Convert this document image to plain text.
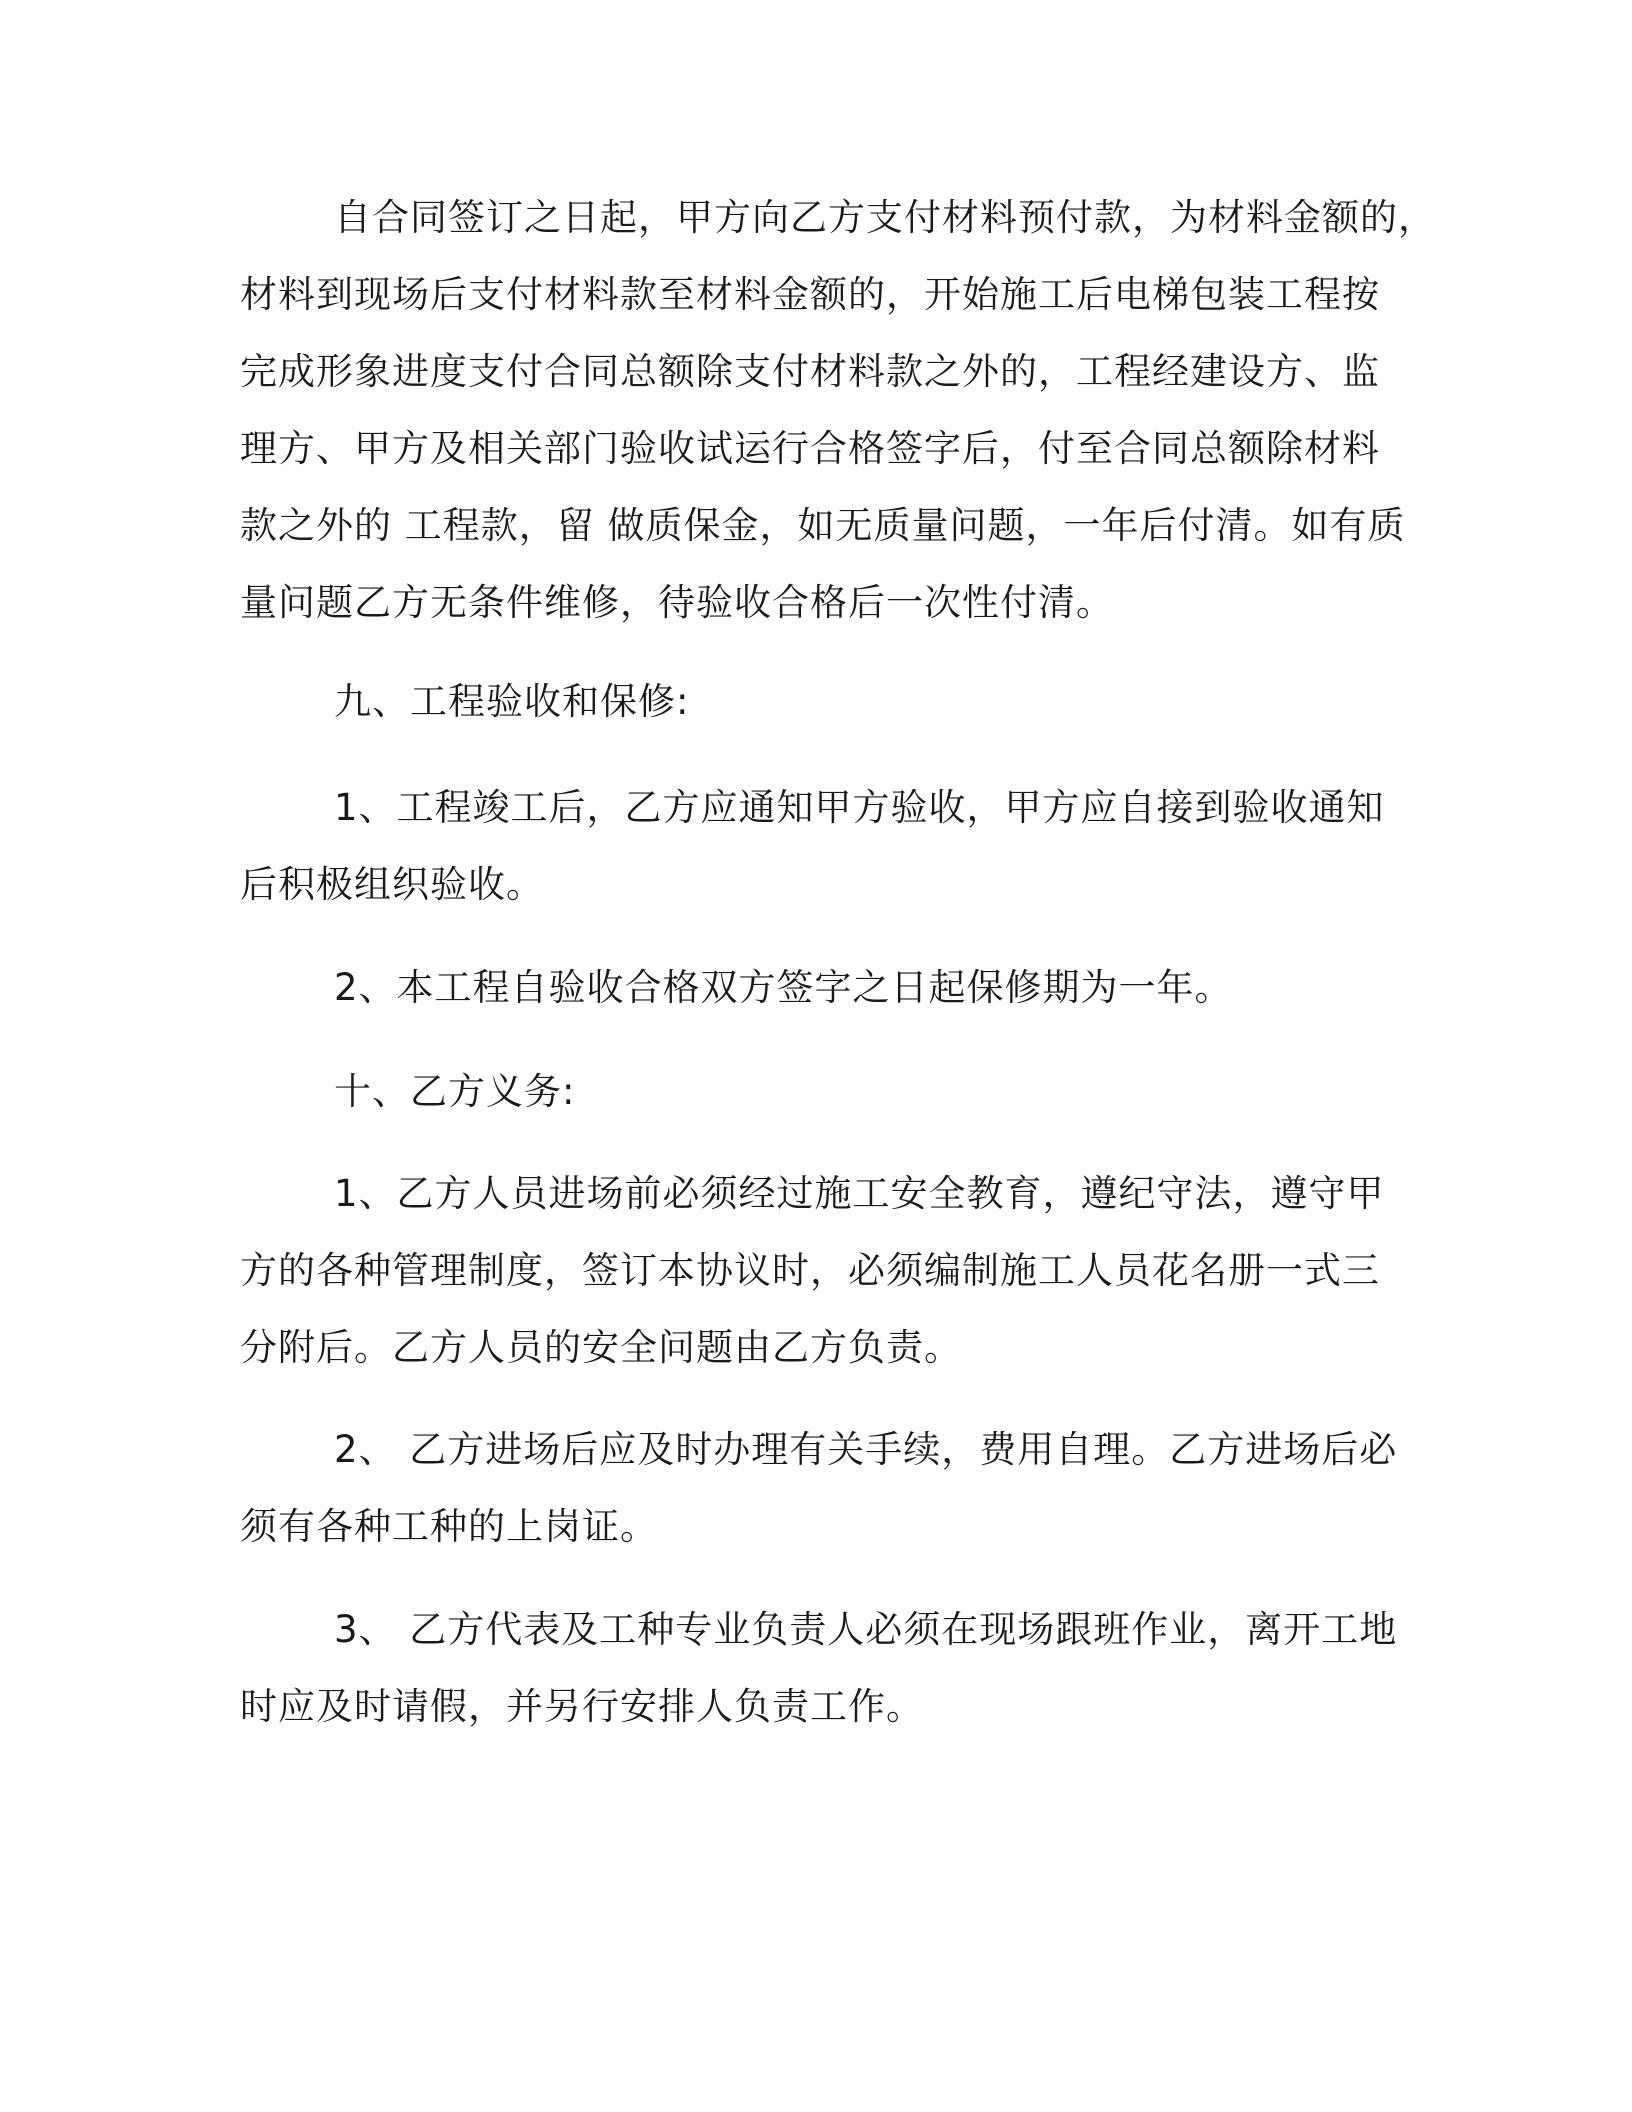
自合同签订之日起，甲方向乙方支付材料预付款，为材料金额的，
材料到现场后支付材料款至材料金额的，开始施工后电梯包装工程按
完成形象进度支付合同总额除支付材料款之外的，工程经建设方、监
理方、甲方及相关部门验收试运行合格签字后，付至合同总额除材料
款之外的 工程款，留 做质保金，如无质量问题，一年后付清。如有质
量问题乙方无条件维修，待验收合格后一次性付清。
九、工程验收和保修:
1、工程竣工后，乙方应通知甲方验收，甲方应自接到验收通知
后积极组织验收。
2、本工程自验收合格双方签字之日起保修期为一年。
十、乙方义务:
1、乙方人员进场前必须经过施工安全教育，遵纪守法，遵守甲
方的各种管理制度，签订本协议时，必须编制施工人员花名册一式三
分附后。乙方人员的安全问题由乙方负责。
2、 乙方进场后应及时办理有关手续，费用自理。乙方进场后必
须有各种工种的上岗证。
3、 乙方代表及工种专业负责人必须在现场跟班作业，离开工地
时应及时请假，并另行安排人负责工作。
